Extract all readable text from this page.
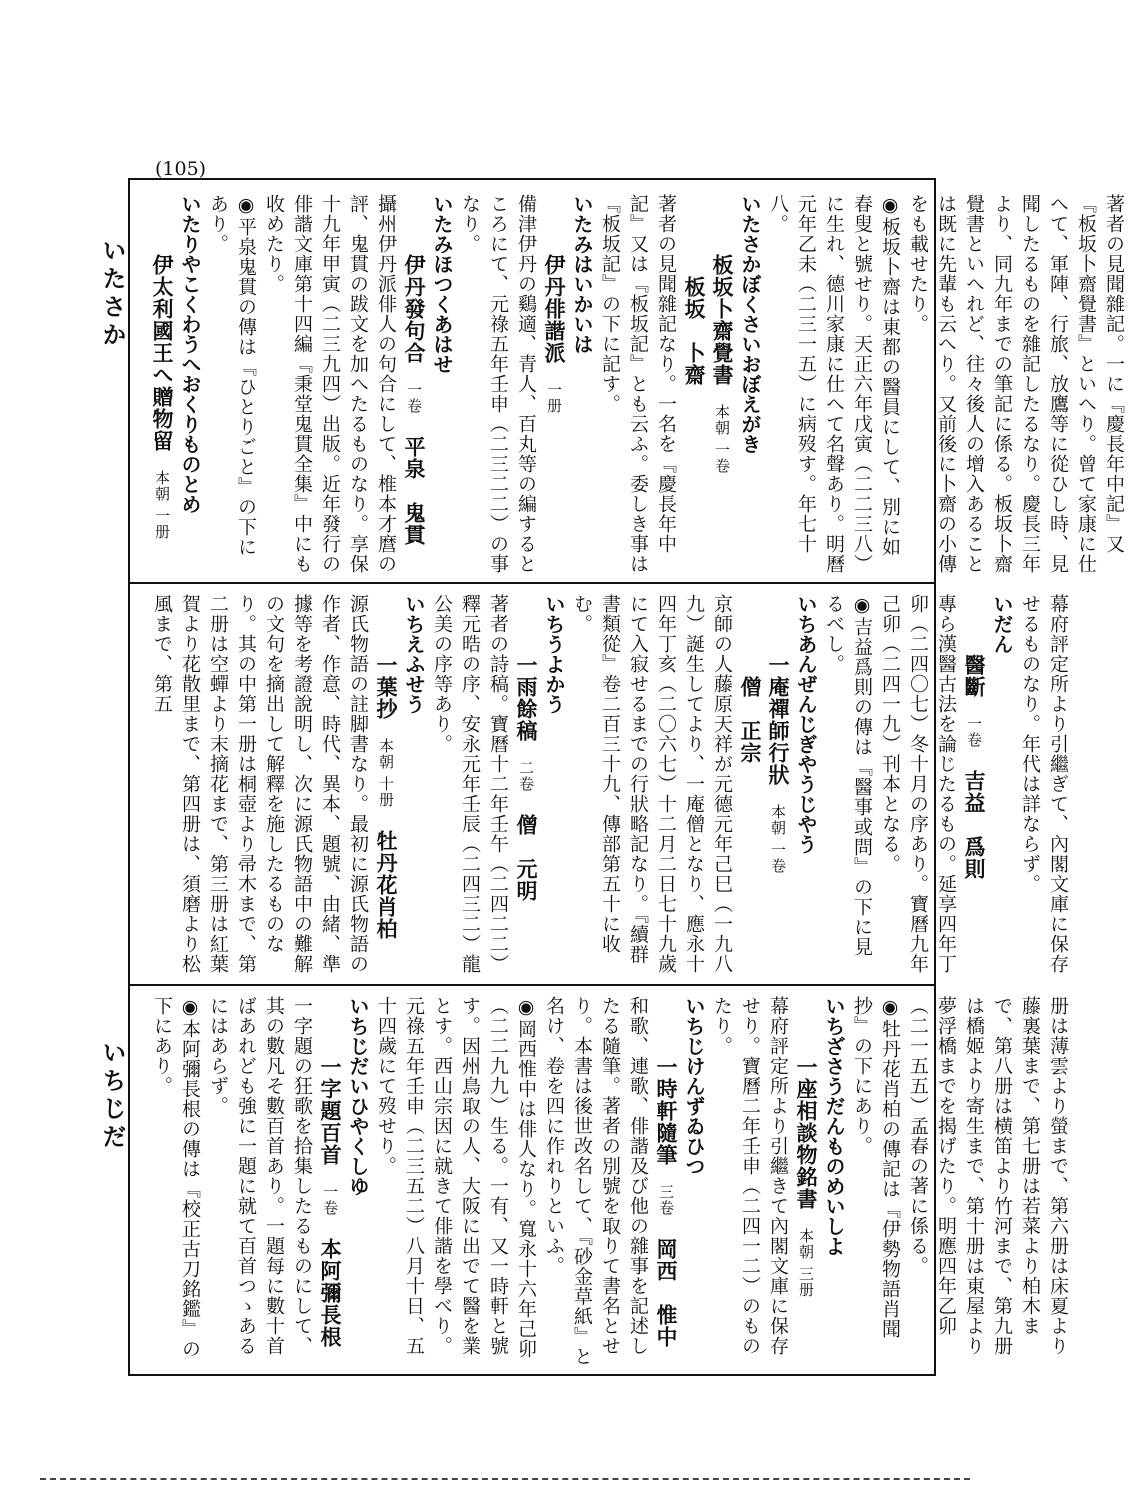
(105)

著者の見聞雜記。一に『慶長年中記』又『板坂卜齋覺書』といへり。曾て家康に仕へて、軍陣、行旅、放鷹等に從ひし時、見聞したるものを雜記したるなり。慶長三年より、同九年までの筆記に係る。板坂卜齋覺書といへれど、往々後人の增入あることは既に先輩も云へり。又前後に卜齋の小傳をも載せたり。

◉板坂卜齋は東都の醫員にして、別に如春叟と號せり。天正六年戊寅（二二三八）に生れ、德川家康に仕へて名聲あり。明曆元年乙未（二三一五）に病歿す。年七十八。

いたさかぼくさいおぼえがき

板坂卜齋覺書本朝 一卷板坂　卜齋

著者の見聞雜記なり。一名を『慶長年中記』又は『板坂記』とも云ふ。委しき事は『板坂記』の下に記す。

いたみはいかいは

伊丹俳諧派一册

備津伊丹の鷄適、青人、百丸等の編するところにて、元祿五年壬申（二三二二）の事なり。

いたみほつくあはせ

伊丹發句合一卷平泉　鬼貫

攝州伊丹派俳人の句合にして、椎本才麿の評、鬼貫の跋文を加へたるものなり。享保十九年甲寅（二三九四）出版。近年發行の俳諧文庫第十四編『秉堂鬼貫全集』中にも收めたり。

◉平泉鬼貫の傳は『ひとりごと』の下にあり。

いたりやこくわうへおくりものとめ

伊太利國王へ贈物留本朝 一册

幕府評定所より引繼ぎて、內閣文庫に保存せるものなり。年代は詳ならず。

いだん

醫斷一卷吉益　爲則

專ら漢醫古法を論じたるもの。延享四年丁卯（二四〇七）冬十月の序あり。寶曆九年己卯（二四一九）刊本となる。

◉吉益爲則の傳は『醫事或問』の下に見るべし。

いちあんぜんじぎやうじやう

一庵禪師行狀本朝 一卷僧　正宗

京師の人藤原天祥が元德元年己巳（一九八九）誕生してより、一庵僧となり、應永十四年丁亥（二〇六七）十二月二日七十九歲にて入寂せるまでの行狀略記なり。『續群書類從』卷二百三十九、傳部第五十に收む。

いちうよかう

一雨餘稿二卷僧　元明

著者の詩稿。寶曆十二年壬午（二四二二）釋元晧の序、安永元年壬辰（二四三二）龍公美の序等あり。

いちえふせう

一葉抄本朝 十册牡丹花肖柏

源氏物語の註脚書なり。最初に源氏物語の作者、作意、時代、異本、題號、由緒、準據等を考證說明し、次に源氏物語中の難解の文句を摘出して解釋を施したるものなり。其の中第一册は桐壺より帚木まで、第二册は空蟬より末摘花まで、第三册は紅葉賀より花散里まで、第四册は、須磨より松風まで、第五

册は薄雲より螢まで、第六册は床夏より藤裏葉まで、第七册は若菜より柏木まで、第八册は横笛より竹河まで、第九册は橋姬より寄生まで、第十册は東屋より夢浮橋までを揭げたり。明應四年乙卯（二一五五）孟春の著に係る。

◉牡丹花肖柏の傳記は『伊勢物語肖聞抄』の下にあり。

いちざさうだんものめいしよ

一座相談物銘書本朝 三册

幕府評定所より引繼きて內閣文庫に保存せり。寶曆二年壬申（二四一二）のものたり。

いちじけんずゐひつ

一時軒隨筆三卷岡西　惟中

和歌、連歌、俳諧及び他の雜事を記述したる隨筆。著者の別號を取りて書名とせり。本書は後世改名して、『砂金草紙』と名け、卷を四に作れりといふ。

◉岡西惟中は俳人なり。寬永十六年己卯（二二九九）生る。一有、又一時軒と號す。因州鳥取の人、大阪に出でて醫を業とす。西山宗因に就きて俳諧を學べり。元祿五年壬申（二三五二）八月十日、五十四歲にて歿せり。

いちじだいひやくしゆ

一字題百首一卷本阿彌長根

一字題の狂歌を拾集したるものにして、其の數凡そ數百首あり。一題每に數十首ばあれども強に一題に就て百首つゝあるにはあらず。

◉本阿彌長根の傳は『校正古刀銘鑑』の下にあり。

いたさか
いちじだ
